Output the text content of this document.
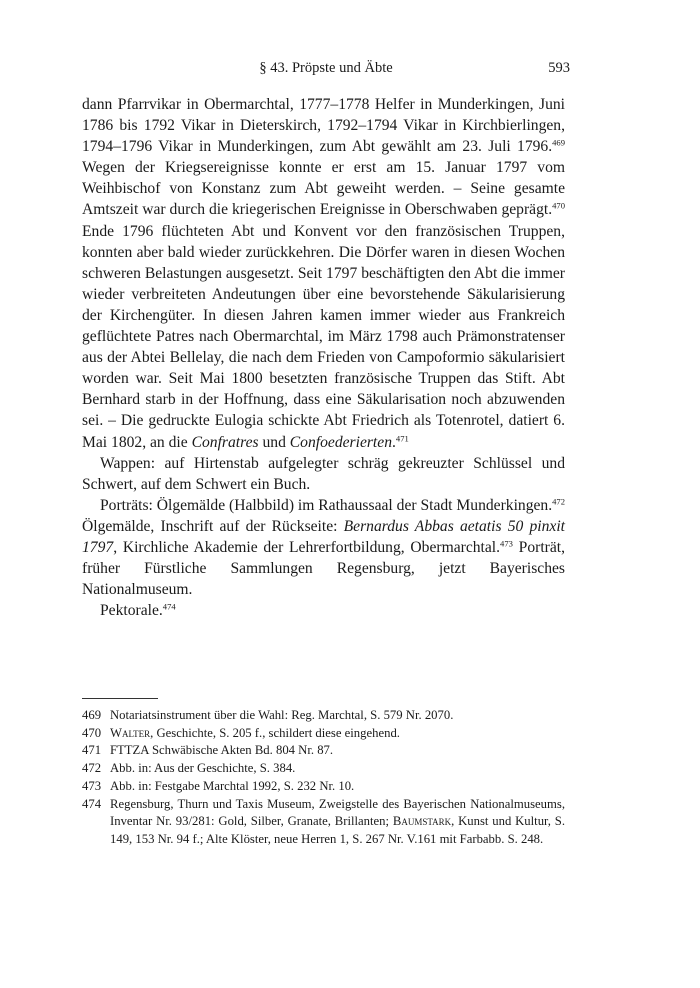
§ 43. Pröpste und Äbte	593

dann Pfarrvikar in Obermarchtal, 1777–1778 Helfer in Munderkingen, Juni 1786 bis 1792 Vikar in Dieterskirch, 1792–1794 Vikar in Kirchbierlingen, 1794–1796 Vikar in Munderkingen, zum Abt gewählt am 23. Juli 1796.$^{469}$ Wegen der Kriegsereignisse konnte er erst am 15. Januar 1797 vom Weihbischof von Konstanz zum Abt geweiht werden. – Seine gesamte Amtszeit war durch die kriegerischen Ereignisse in Oberschwaben geprägt.$^{470}$ Ende 1796 flüchteten Abt und Konvent vor den französischen Truppen, konnten aber bald wieder zurückkehren. Die Dörfer waren in diesen Wochen schweren Belastungen ausgesetzt. Seit 1797 beschäftigten den Abt die immer wieder verbreiteten Andeutungen über eine bevorstehende Säkularisierung der Kirchengüter. In diesen Jahren kamen immer wieder aus Frankreich geflüchtete Patres nach Obermarchtal, im März 1798 auch Prämonstratenser aus der Abtei Bellelay, die nach dem Frieden von Campoformio säkularisiert worden war. Seit Mai 1800 besetzten französische Truppen das Stift. Abt Bernhard starb in der Hoffnung, dass eine Säkularisation noch abzuwenden sei. – Die gedruckte Eulogia schickte Abt Friedrich als Totenrotel, datiert 6. Mai 1802, an die Confratres und Confoederierten.$^{471}$

Wappen: auf Hirtenstab aufgelegter schräg gekreuzter Schlüssel und Schwert, auf dem Schwert ein Buch.

Porträts: Ölgemälde (Halbbild) im Rathaussaal der Stadt Munderkingen.$^{472}$ Ölgemälde, Inschrift auf der Rückseite: Bernardus Abbas aetatis 50 pinxit 1797, Kirchliche Akademie der Lehrerfortbildung, Obermarchtal.$^{473}$ Porträt, früher Fürstliche Sammlungen Regensburg, jetzt Bayerisches Nationalmuseum.

Pektorale.$^{474}$

469 Notariatsinstrument über die Wahl: Reg. Marchtal, S. 579 Nr. 2070.

470 Walter, Geschichte, S. 205 f., schildert diese eingehend.

471 FTTZA Schwäbische Akten Bd. 804 Nr. 87.

472 Abb. in: Aus der Geschichte, S. 384.

473 Abb. in: Festgabe Marchtal 1992, S. 232 Nr. 10.

474 Regensburg, Thurn und Taxis Museum, Zweigstelle des Bayerischen Nationalmuseums, Inventar Nr. 93/281: Gold, Silber, Granate, Brillanten; Baumstark, Kunst und Kultur, S. 149, 153 Nr. 94 f.; Alte Klöster, neue Herren 1, S. 267 Nr. V.161 mit Farbabb. S. 248.
